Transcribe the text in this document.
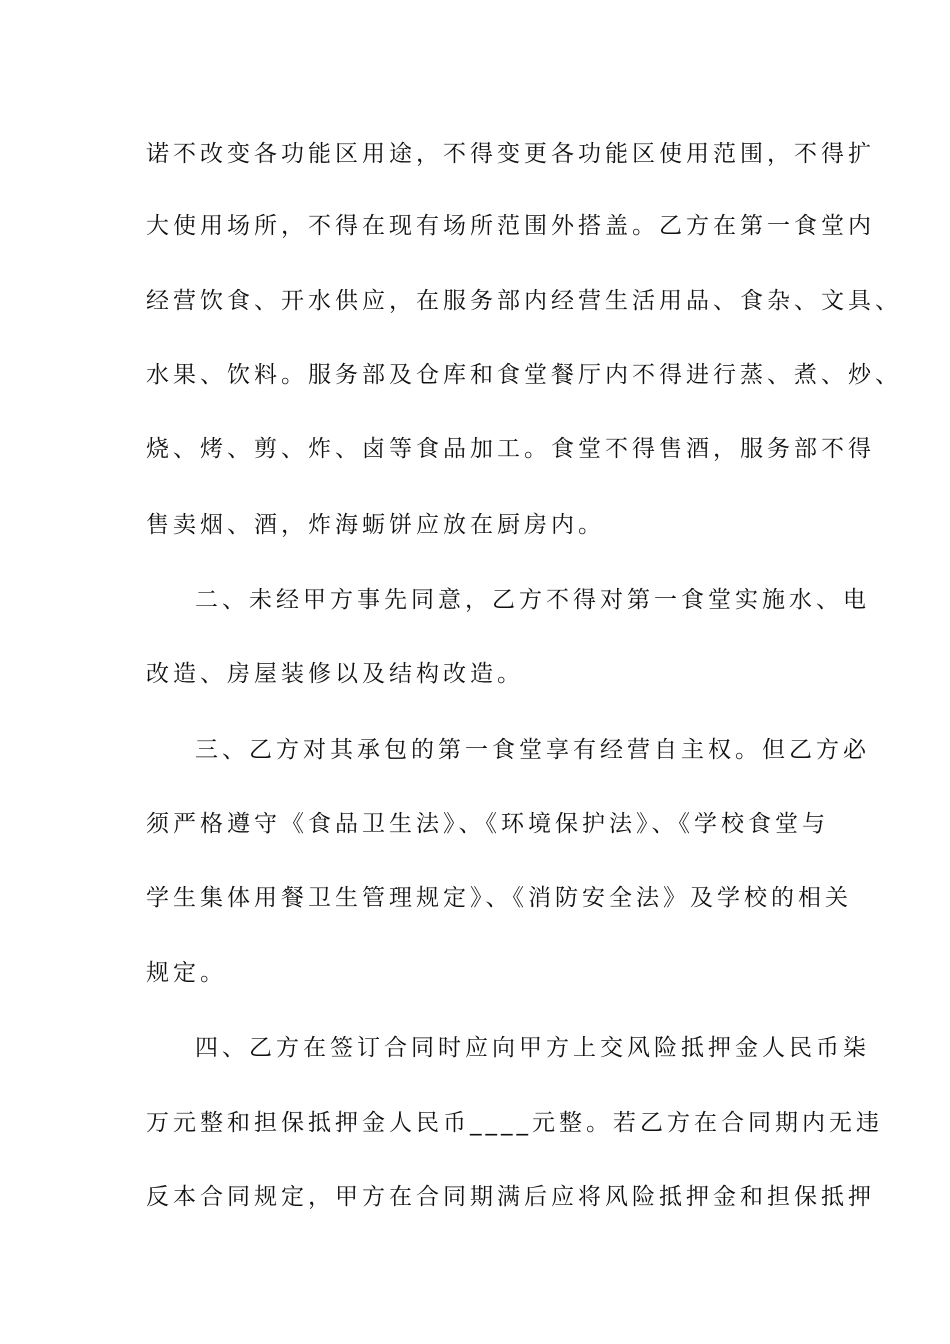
诺不改变各功能区用途，不得变更各功能区使用范围，不得扩
大使用场所，不得在现有场所范围外搭盖。乙方在第一食堂内
经营饮食、开水供应，在服务部内经营生活用品、食杂、文具、
水果、饮料。服务部及仓库和食堂餐厅内不得进行蒸、煮、炒、
烧、烤、剪、炸、卤等食品加工。食堂不得售酒，服务部不得
售卖烟、酒，炸海蛎饼应放在厨房内。
二、未经甲方事先同意，乙方不得对第一食堂实施水、电
改造、房屋装修以及结构改造。
三、乙方对其承包的第一食堂享有经营自主权。但乙方必
须严格遵守《食品卫生法》、《环境保护法》、《学校食堂与
学生集体用餐卫生管理规定》、《消防安全法》及学校的相关
规定。
四、乙方在签订合同时应向甲方上交风险抵押金人民币柒
万元整和担保抵押金人民币____元整。若乙方在合同期内无违
反本合同规定，甲方在合同期满后应将风险抵押金和担保抵押
